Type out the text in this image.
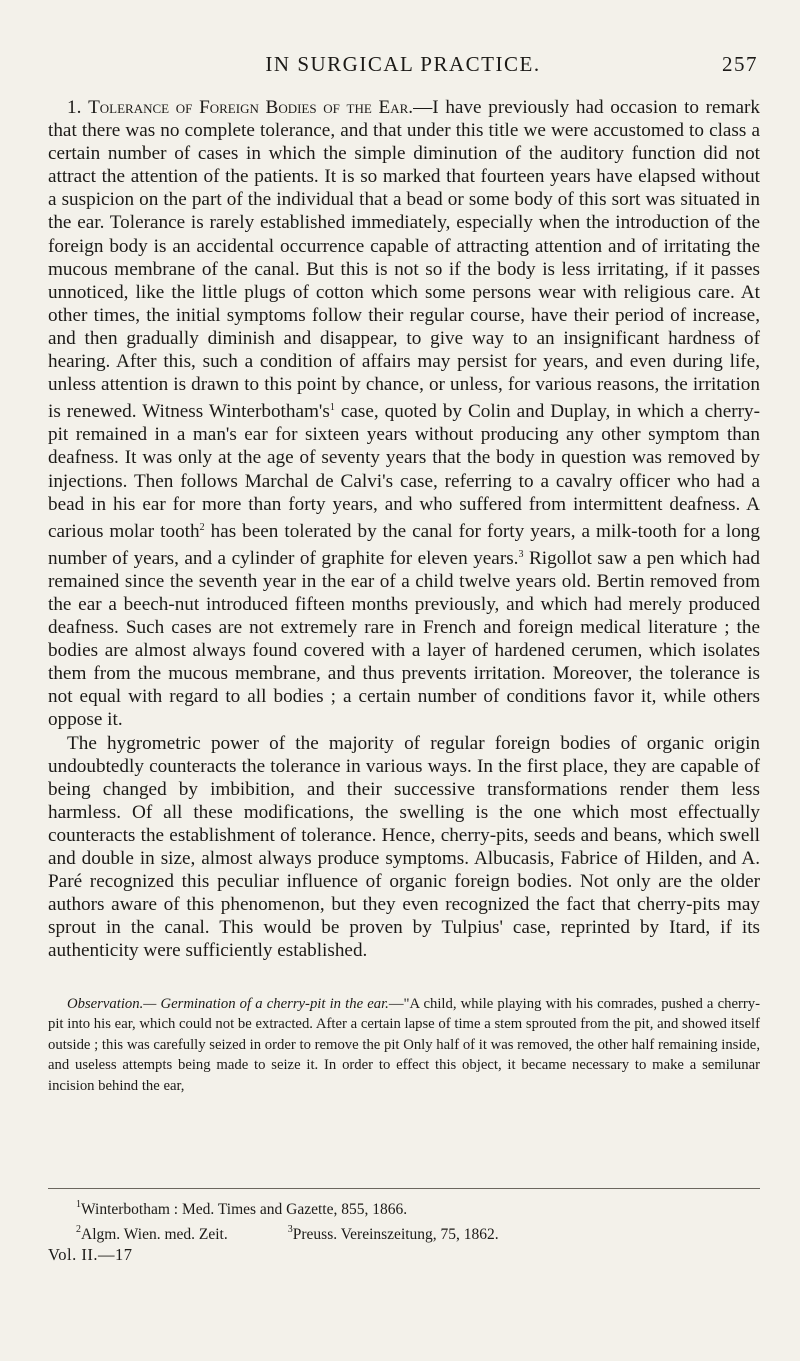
IN SURGICAL PRACTICE.	257

1. Tolerance of Foreign Bodies of the Ear.—I have previously had occasion to remark that there was no complete tolerance, and that under this title we were accustomed to class a certain number of cases in which the simple diminution of the auditory function did not attract the attention of the patients. It is so marked that fourteen years have elapsed without a suspicion on the part of the individual that a bead or some body of this sort was situated in the ear. Tolerance is rarely established immediately, especially when the introduction of the foreign body is an accidental occurrence capable of attracting attention and of irritating the mucous membrane of the canal. But this is not so if the body is less irritating, if it passes unnoticed, like the little plugs of cotton which some persons wear with religious care. At other times, the initial symptoms follow their regular course, have their period of increase, and then gradually diminish and disappear, to give way to an insignificant hardness of hearing. After this, such a condition of affairs may persist for years, and even during life, unless attention is drawn to this point by chance, or unless, for various reasons, the irritation is renewed. Witness $Winterbotham's^1$ case, quoted by Colin and Duplay, in which a cherry-pit remained in a man's ear for sixteen years without producing any other symptom than deafness. It was only at the age of seventy years that the body in question was removed by injections. Then follows Marchal de Calvi's case, referring to a cavalry officer who had a bead in his ear for more than forty years, and who suffered from intermittent deafness. A carious molar tooth$^2$ has been tolerated by the canal for forty years, a milk-tooth for a long number of years, and a cylinder of graphite for eleven years.$^3$ Rigollot saw a pen which had remained since the seventh year in the ear of a child twelve years old. Bertin removed from the ear a beech-nut introduced fifteen months previously, and which had merely produced deafness. Such cases are not extremely rare in French and foreign medical literature ; the bodies are almost always found covered with a layer of hardened cerumen, which isolates them from the mucous membrane, and thus prevents irritation. Moreover, the tolerance is not equal with regard to all bodies ; a certain number of conditions favor it, while others oppose it.

The hygrometric power of the majority of regular foreign bodies of organic origin undoubtedly counteracts the tolerance in various ways. In the first place, they are capable of being changed by imbibition, and their successive transformations render them less harmless. Of all these modifications, the swelling is the one which most effectually counteracts the establishment of tolerance. Hence, cherry-pits, seeds and beans, which swell and double in size, almost always produce symptoms. Albucasis, Fabrice of Hilden, and A. Paré recognized this peculiar influence of organic foreign bodies. Not only are the older authors aware of this phenomenon, but they even recognized the fact that cherry-pits may sprout in the canal. This would be proven by Tulpius' case, reprinted by Itard, if its authenticity were sufficiently established.

Observation.— Germination of a cherry-pit in the ear.—"A child, while playing with his comrades, pushed a cherry-pit into his ear, which could not be extracted. After a certain lapse of time a stem sprouted from the pit, and showed itself outside ; this was carefully seized in order to remove the pit Only half of it was removed, the other half remaining inside, and useless attempts being made to seize it. In order to effect this object, it became necessary to make a semilunar incision behind the ear,

$^1$Winterbotham : Med. Times and Gazette, 855, 1866.
$^2$Algm. Wien. med. Zeit.	$^3$Preuss. Vereinszeitung, 75, 1862.
Vol. II.—17
